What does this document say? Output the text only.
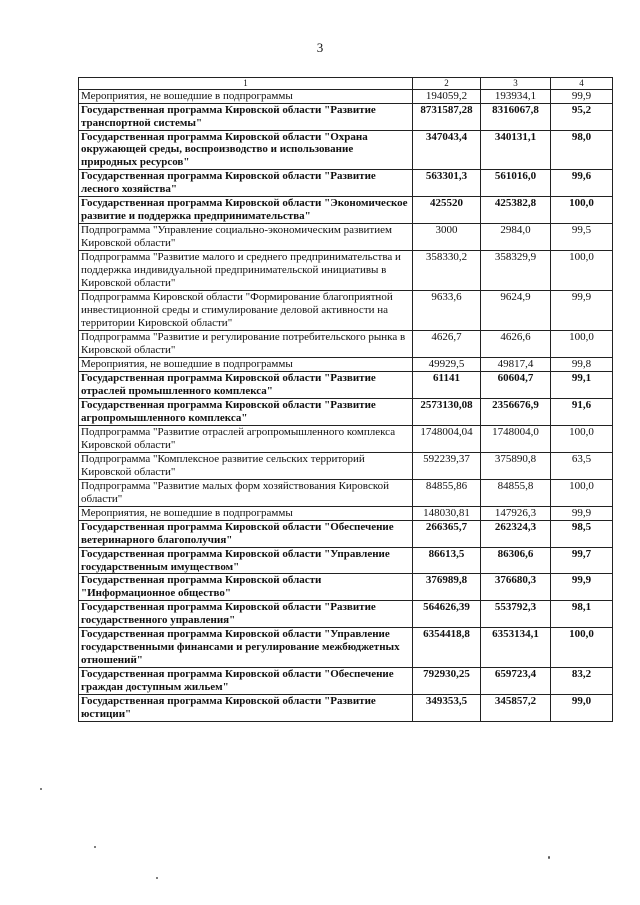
3
1	2	3	4
Мероприятия, не вошедшие в подпрограммы	194059,2	193934,1	99,9
Государственная программа Кировской области "Развитие транспортной системы"	8731587,28	8316067,8	95,2
Государственная программа Кировской области "Охрана окружающей среды, воспроизводство и использование природных ресурсов"	347043,4	340131,1	98,0
Государственная программа Кировской области "Развитие лесного хозяйства"	563301,3	561016,0	99,6
Государственная программа Кировской области "Экономическое развитие и поддержка предпринимательства"	425520	425382,8	100,0
Подпрограмма "Управление социально-экономическим развитием Кировской области"	3000	2984,0	99,5
Подпрограмма "Развитие малого и среднего предпринимательства и поддержка индивидуальной предпринимательской инициативы в Кировской области"	358330,2	358329,9	100,0
Подпрограмма Кировской области "Формирование благоприятной инвестиционной среды и стимулирование деловой активности на территории Кировской области"	9633,6	9624,9	99,9
Подпрограмма "Развитие и регулирование потребительского рынка в Кировской области"	4626,7	4626,6	100,0
Мероприятия, не вошедшие в подпрограммы	49929,5	49817,4	99,8
Государственная программа Кировской области "Развитие отраслей промышленного комплекса"	61141	60604,7	99,1
Государственная программа Кировской области "Развитие агропромышленного комплекса"	2573130,08	2356676,9	91,6
Подпрограмма "Развитие отраслей агропромышленного комплекса Кировской области"	1748004,04	1748004,0	100,0
Подпрограмма "Комплексное развитие сельских территорий Кировской области"	592239,37	375890,8	63,5
Подпрограмма "Развитие малых форм хозяйствования Кировской области"	84855,86	84855,8	100,0
Мероприятия, не вошедшие в подпрограммы	148030,81	147926,3	99,9
Государственная программа Кировской области "Обеспечение ветеринарного благополучия"	266365,7	262324,3	98,5
Государственная программа Кировской области "Управление государственным имуществом"	86613,5	86306,6	99,7
Государственная программа Кировской области "Информационное общество"	376989,8	376680,3	99,9
Государственная программа Кировской области "Развитие государственного управления"	564626,39	553792,3	98,1
Государственная программа Кировской области "Управление государственными финансами и регулирование межбюджетных отношений"	6354418,8	6353134,1	100,0
Государственная программа Кировской области "Обеспечение граждан доступным жильем"	792930,25	659723,4	83,2
Государственная программа Кировской области "Развитие юстиции"	349353,5	345857,2	99,0
